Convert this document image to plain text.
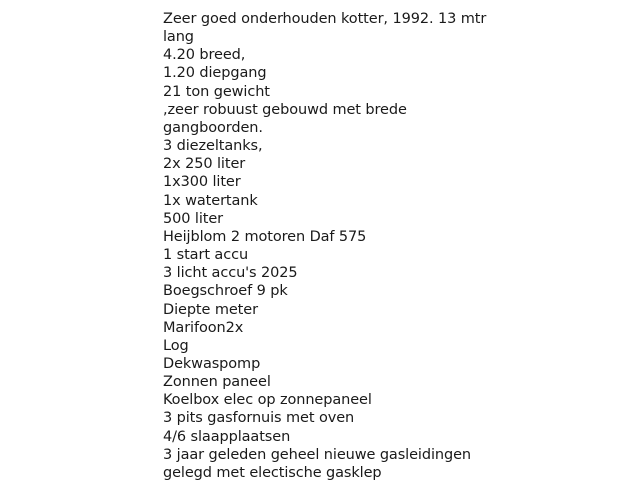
Zeer goed onderhouden kotter, 1992. 13 mtr
lang
4.20 breed,
1.20 diepgang
21 ton gewicht
,zeer robuust gebouwd met brede
gangboorden.
3 diezeltanks,
2x 250 liter
1x300 liter
1x watertank
500 liter
Heijblom 2 motoren Daf 575
1 start accu
3 licht accu's 2025
Boegschroef 9 pk
Diepte meter
Marifoon2x
Log
Dekwaspomp
Zonnen paneel
Koelbox elec op zonnepaneel
3 pits gasfornuis met oven
4/6 slaapplaatsen
3 jaar geleden geheel nieuwe gasleidingen
gelegd met electische gasklep
